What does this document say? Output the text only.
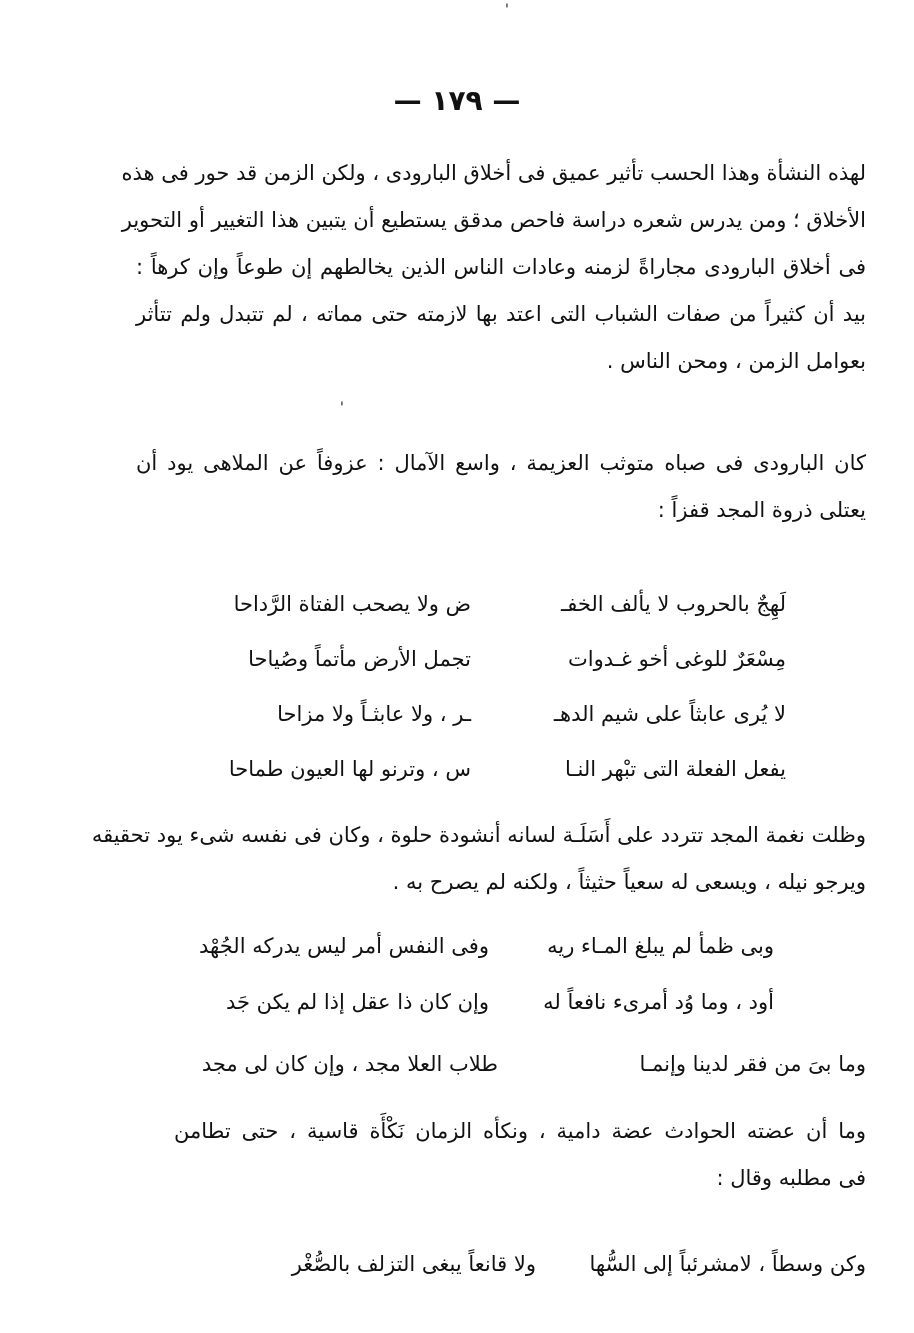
'
— ١٧٩ —
لهذه النشأة وهذا الحسب تأثير عميق فى أخلاق البارودى ، ولكن الزمن قد حور فى هذه
الأخلاق ؛ ومن يدرس شعره دراسة فاحص مدقق يستطيع أن يتبين هذا التغيير أو التحوير
فى أخلاق البارودى مجاراةً لزمنه وعادات الناس الذين يخالطهم إن طوعاً وإن كرهاً :
بيد أن كثيراً من صفات الشباب التى اعتد بها لازمته حتى مماته ، لم تتبدل ولم تتأثر
بعوامل الزمن ، ومحن الناس .
'
كان البارودى فى صباه متوثب العزيمة ، واسع الآمال : عزوفاً عن الملاهى يود أن
يعتلى ذروة المجد قفزاً :
لَهِجٌ بالحروب لا يألف الخفـ
ض ولا يصحب الفتاة الرَّداحا
مِسْعَرٌ للوغى أخو غـدوات
تجمل الأرض مأتماً وصُياحا
لا يُرى عابثاً على شيم الدهـ
ـر ، ولا عابثـاً ولا مزاحا
يفعل الفعلة التى تبْهر النـا
س ، وترنو لها العيون طماحا
وظلت نغمة المجد تتردد على أَسَلَـة لسانه أنشودة حلوة ، وكان فى نفسه شىء يود تحقيقه
ويرجو نيله ، ويسعى له سعياً حثيثاً ، ولكنه لم يصرح به .
وبى ظمأ لم يبلغ المـاء ريه
وفى النفس أمر ليس يدركه الجُهْد
أود ، وما وُد أمرىء نافعاً له
وإن كان ذا عقل إذا لم يكن جَد
وما بىَ من فقر لدينا وإنمـا
طلاب العلا مجد ، وإن كان لى مجد
وما أن عضته الحوادث عضة دامية ، ونكأه الزمان نَكْأَة قاسية ، حتى تطامن
فى مطلبه وقال :
وكن وسطاً ، لامشرئباً إلى السُّها
ولا قانعاً يبغى التزلف بالصُّغْر
